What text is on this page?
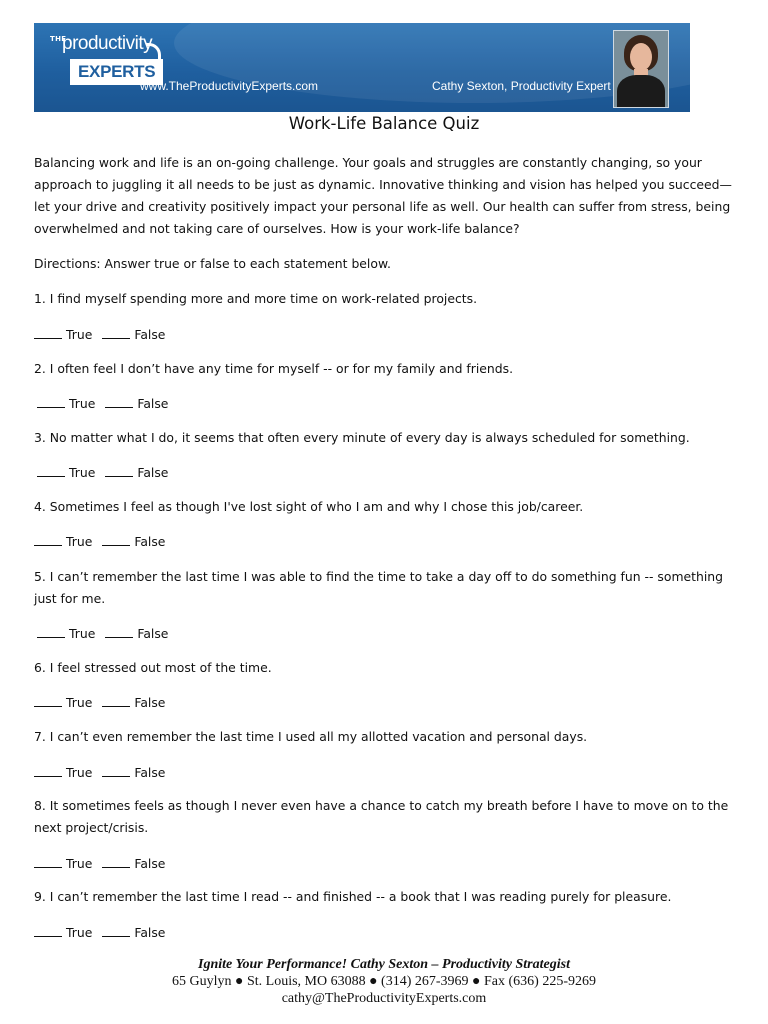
THE
productivity
EXPERTS
www.TheProductivityExperts.com	Cathy Sexton, Productivity Expert
Work-Life Balance Quiz
Balancing work and life is an on-going challenge. Your goals and struggles are constantly changing, so your approach to juggling it all needs to be just as dynamic. Innovative thinking and vision has helped you succeed—let your drive and creativity positively impact your personal life as well. Our health can suffer from stress, being overwhelmed and not taking care of ourselves. How is your work-life balance?
Directions: Answer true or false to each statement below.
1. I find myself spending more and more time on work-related projects.
True	False
2. I often feel I don’t have any time for myself -- or for my family and friends.
True	False
3. No matter what I do, it seems that often every minute of every day is always scheduled for something.
True	False
4. Sometimes I feel as though I've lost sight of who I am and why I chose this job/career.
True	False
5. I can’t remember the last time I was able to find the time to take a day off to do something fun -- something just for me.
True	False
6. I feel stressed out most of the time.
True	False
7. I can’t even remember the last time I used all my allotted vacation and personal days.
True	False
8. It sometimes feels as though I never even have a chance to catch my breath before I have to move on to the next project/crisis.
True	False
9. I can’t remember the last time I read -- and finished -- a book that I was reading purely for pleasure.
True	False
Ignite Your Performance! Cathy Sexton – Productivity Strategist
65 Guylyn ● St. Louis, MO 63088 ● (314) 267-3969 ● Fax (636) 225-9269
cathy@TheProductivityExperts.com
